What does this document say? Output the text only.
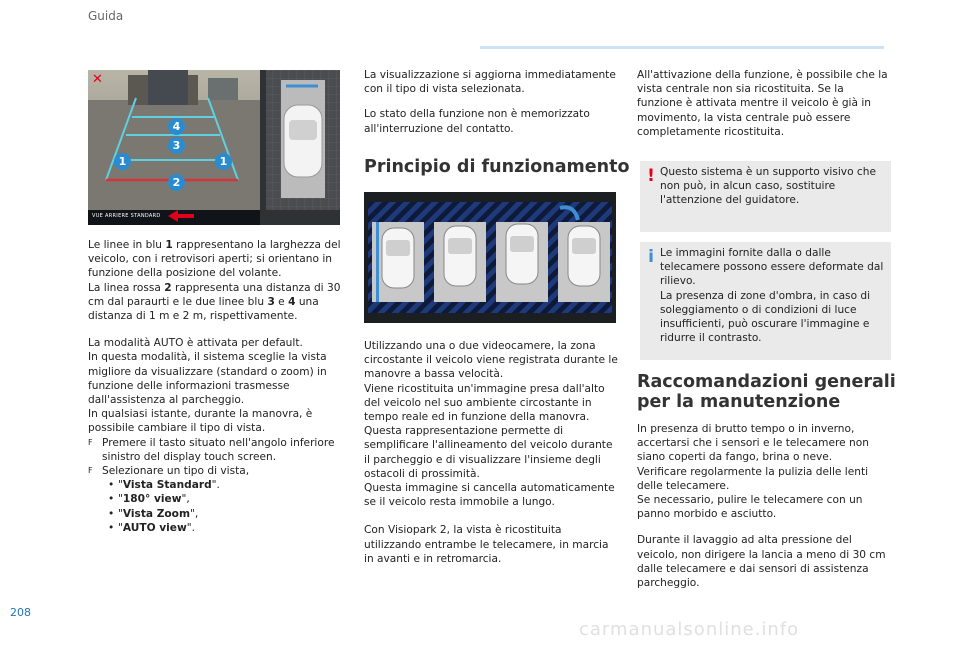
Guida
✕
4
3
1	1
2
VUE ARRIERE STANDARD

Le linee in blu 1 rappresentano la larghezza del veicolo, con i retrovisori aperti; si orientano in funzione della posizione del volante.
La linea rossa 2 rappresenta una distanza di 30 cm dal paraurti e le due linee blu 3 e 4 una distanza di 1 m e 2 m, rispettivamente.

La modalità AUTO è attivata per default.
In questa modalità, il sistema sceglie la vista migliore da visualizzare (standard o zoom) in funzione delle informazioni trasmesse dall'assistenza al parcheggio.
In qualsiasi istante, durante la manovra, è possibile cambiare il tipo di vista.

F Premere il tasto situato nell'angolo inferiore sinistro del display touch screen.
F Selezionare un tipo di vista,
• "Vista Standard".
• "180° view",
• "Vista Zoom",
• "AUTO view".

La visualizzazione si aggiorna immediatamente con il tipo di vista selezionata.

Lo stato della funzione non è memorizzato all'interruzione del contatto.

Principio di funzionamento

Utilizzando una o due videocamere, la zona circostante il veicolo viene registrata durante le manovre a bassa velocità.
Viene ricostituita un'immagine presa dall'alto del veicolo nel suo ambiente circostante in tempo reale ed in funzione della manovra.
Questa rappresentazione permette di semplificare l'allineamento del veicolo durante il parcheggio e di visualizzare l'insieme degli ostacoli di prossimità.
Questa immagine si cancella automaticamente se il veicolo resta immobile a lungo.

Con Visiopark 2, la vista è ricostituita utilizzando entrambe le telecamere, in marcia in avanti e in retromarcia.

All'attivazione della funzione, è possibile che la vista centrale non sia ricostituita. Se la funzione è attivata mentre il veicolo è già in movimento, la vista centrale può essere completamente ricostituita.
! Questo sistema è un supporto visivo che non può, in alcun caso, sostituire l'attenzione del guidatore.
i Le immagini fornite dalla o dalle telecamere possono essere deformate dal rilievo.
La presenza di zone d'ombra, in caso di soleggiamento o di condizioni di luce insufficienti, può oscurare l'immagine e ridurre il contrasto.
Raccomandazioni generali
per la manutenzione

In presenza di brutto tempo o in inverno, accertarsi che i sensori e le telecamere non siano coperti da fango, brina o neve.
Verificare regolarmente la pulizia delle lenti delle telecamere.
Se necessario, pulire le telecamere con un panno morbido e asciutto.

Durante il lavaggio ad alta pressione del veicolo, non dirigere la lancia a meno di 30 cm dalle telecamere e dai sensori di assistenza parcheggio.

208
carmanualsonline.info
